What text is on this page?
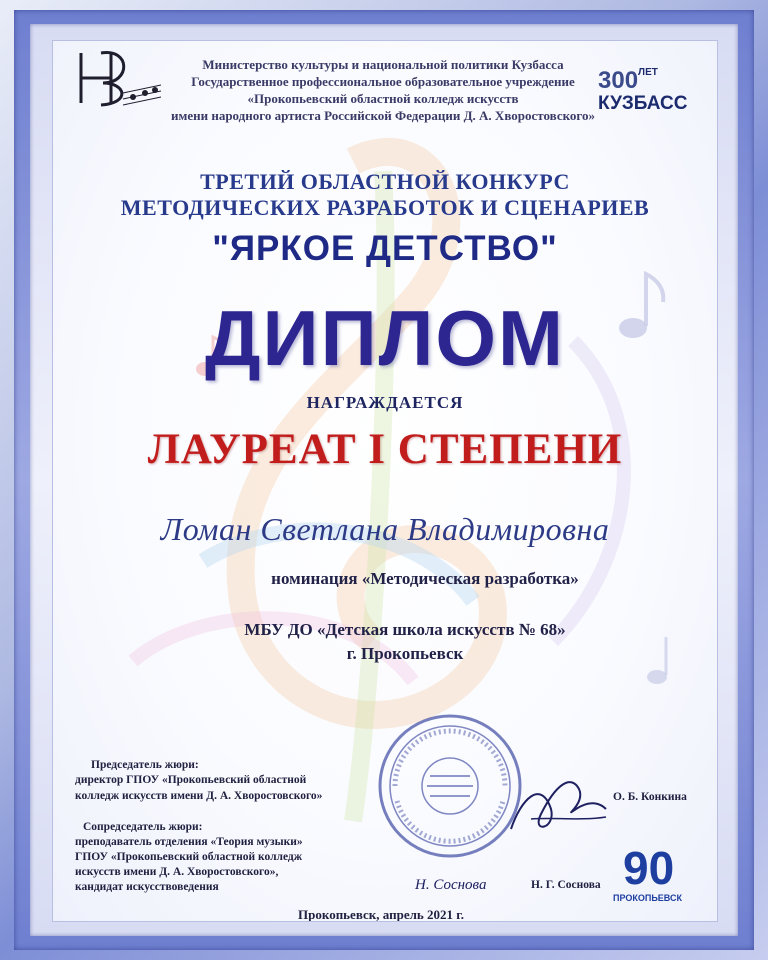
$300^{ЛЕТ}$
КУЗБАСС
Министерство культуры и национальной политики Кузбасса
Государственное профессиональное образовательное учреждение
«Прокопьевский областной колледж искусств
имени народного артиста Российской Федерации Д. А. Хворостовского»
ТРЕТИЙ ОБЛАСТНОЙ КОНКУРС
МЕТОДИЧЕСКИХ РАЗРАБОТОК И СЦЕНАРИЕВ
"ЯРКОЕ ДЕТСТВО"
ДИПЛОМ
НАГРАЖДАЕТСЯ
ЛАУРЕАТ I СТЕПЕНИ
Ломан Светлана Владимировна
номинация «Методическая разработка»
МБУ ДО «Детская школа искусств № 68»
г. Прокопьевск
Председатель жюри:
директор ГПОУ «Прокопьевский областной
колледж искусств имени Д. А. Хворостовского»	О. Б. Конкина
Сопредседатель жюри:
преподаватель отделения «Теория музыки»
ГПОУ «Прокопьевский областной колледж
искусств имени Д. А. Хворостовского»,
кандидат искусствоведения	Н. Соснова	Н. Г. Соснова 90
ПРОКОПЬЕВСК
Прокопьевск, апрель 2021 г.
